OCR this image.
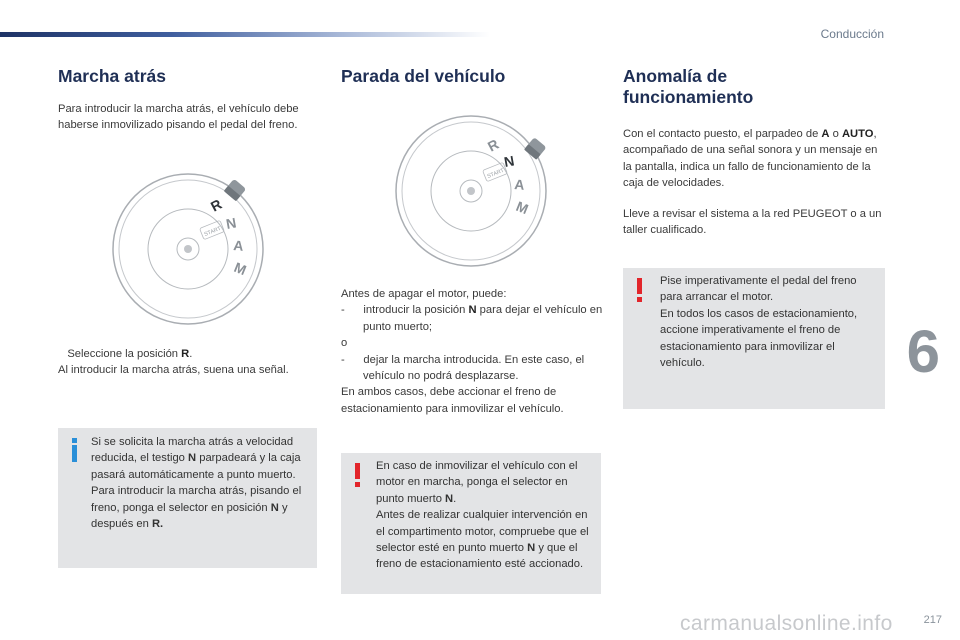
Conducción
6
217
carmanualsonline.info
Marcha atrás
Para introducir la marcha atrás, el vehículo debe haberse inmovilizado pisando el pedal del freno.
START
R
N
A
M

Seleccione la posición R.

Al introducir la marcha atrás, suena una señal.

Si se solicita la marcha atrás a velocidad reducida, el testigo N parpadeará y la caja pasará automáticamente a punto muerto. Para introducir la marcha atrás, pisando el freno, ponga el selector en posición N y después en R.

Parada del vehículo
START
R
N
A
M

Antes de apagar el motor, puede:

- introducir la posición N para dejar el vehículo en punto muerto;

o

- dejar la marcha introducida. En este caso, el vehículo no podrá desplazarse.

En ambos casos, debe accionar el freno de estacionamiento para inmovilizar el vehículo.

En caso de inmovilizar el vehículo con el motor en marcha, ponga el selector en punto muerto N.

Antes de realizar cualquier intervención en el compartimento motor, compruebe que el selector esté en punto muerto N y que el freno de estacionamiento esté accionado.

Anomalía de
funcionamiento

Con el contacto puesto, el parpadeo de A o AUTO, acompañado de una señal sonora y un mensaje en la pantalla, indica un fallo de funcionamiento de la caja de velocidades.

Lleve a revisar el sistema a la red PEUGEOT o a un taller cualificado.

Pise imperativamente el pedal del freno para arrancar el motor.

En todos los casos de estacionamiento, accione imperativamente el freno de estacionamiento para inmovilizar el vehículo.
